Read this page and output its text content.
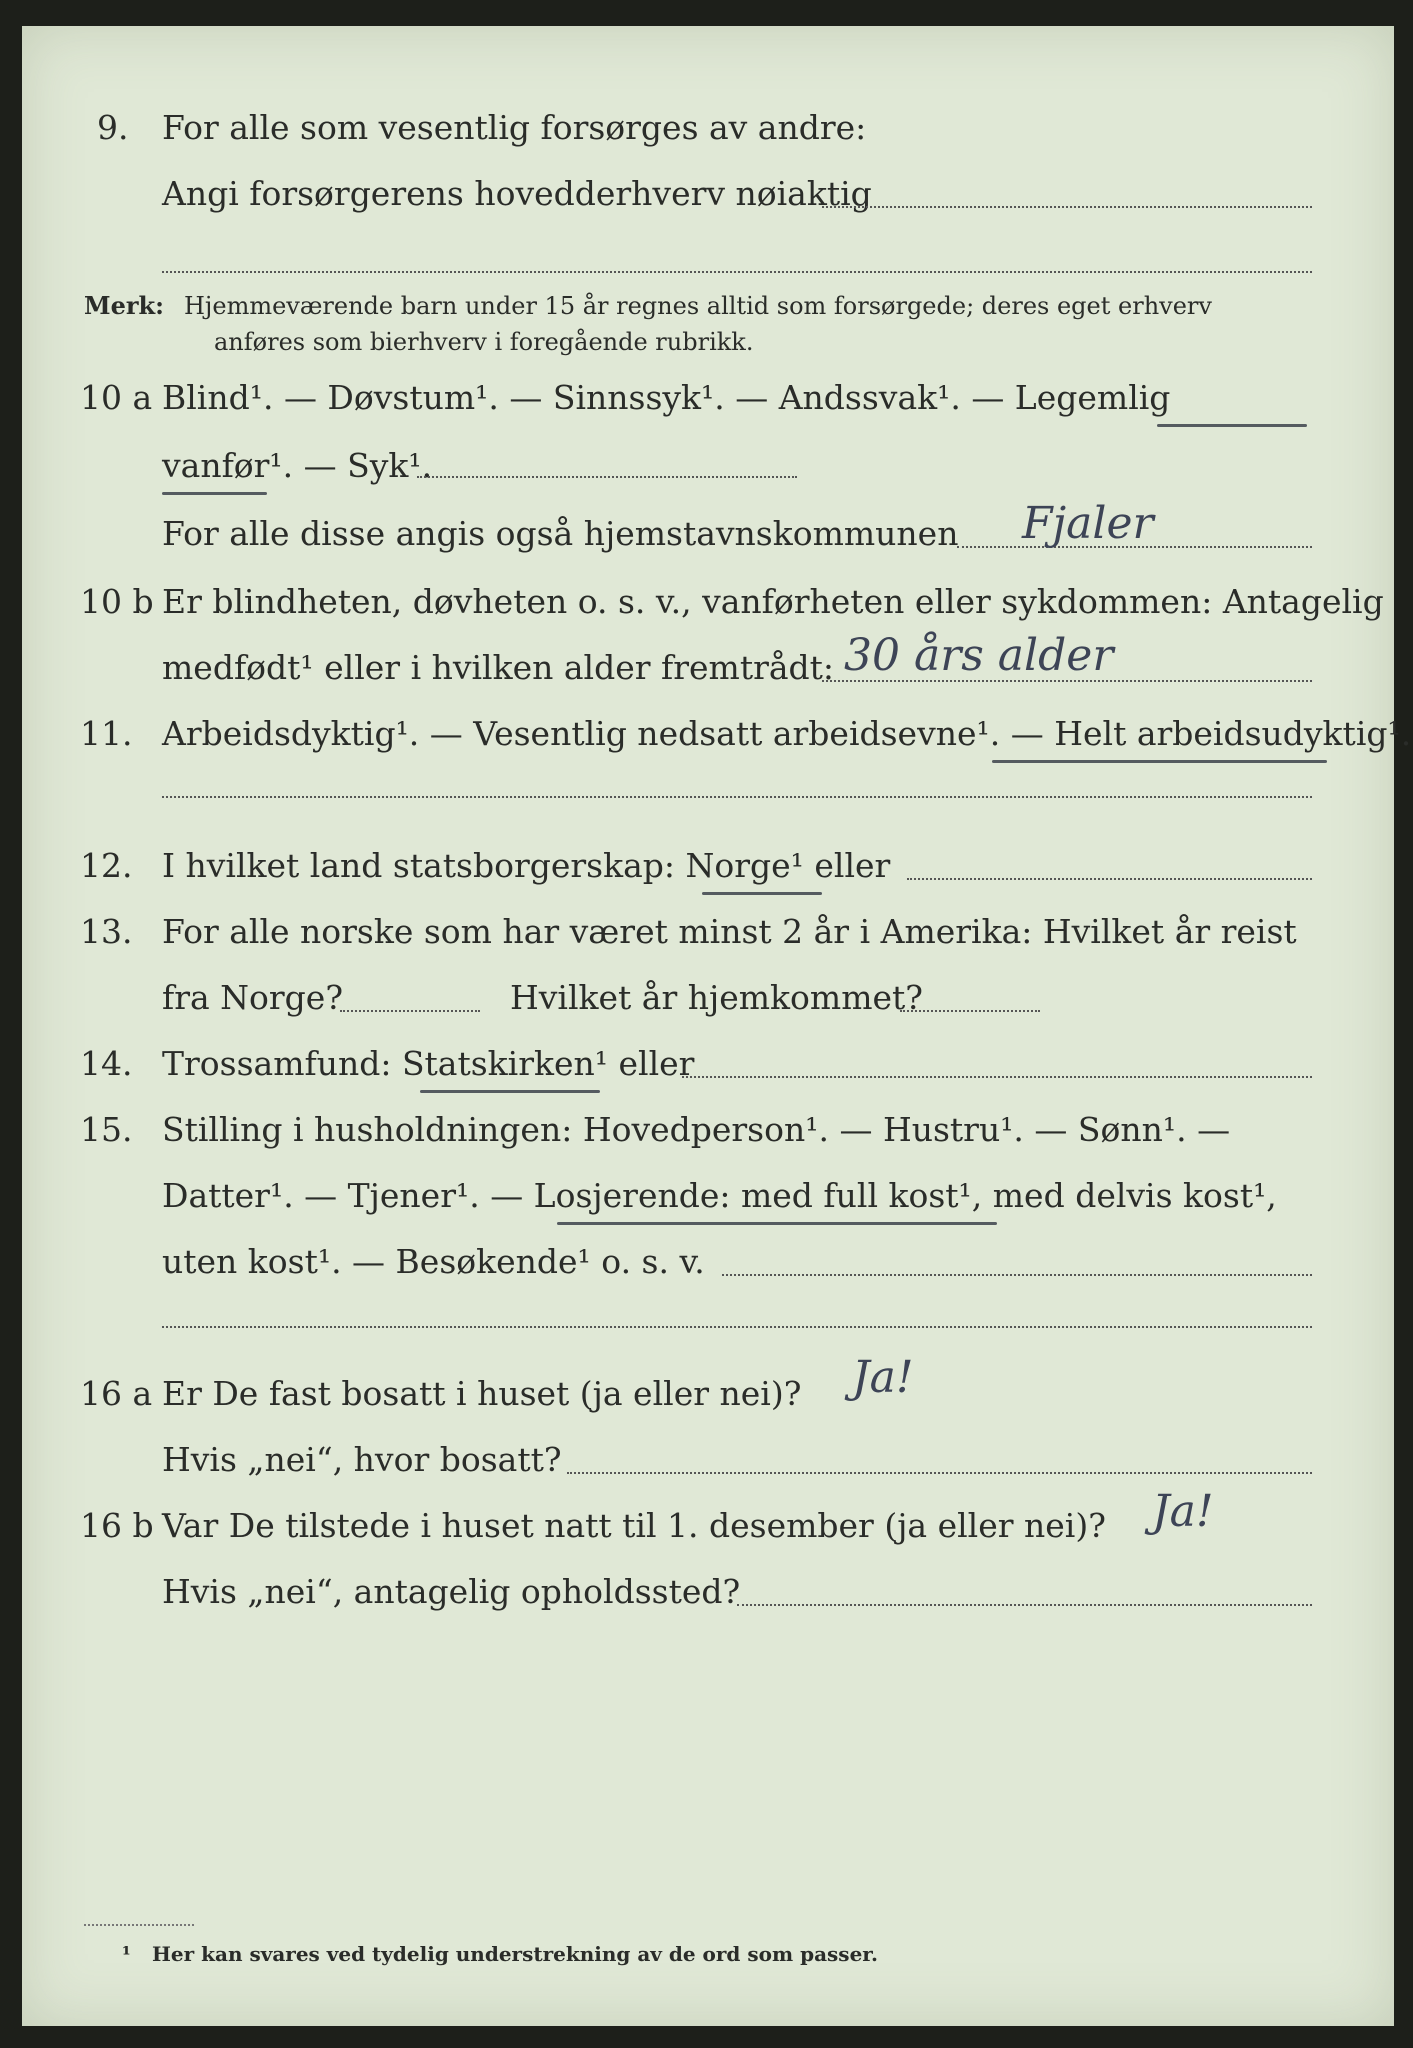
9. For alle som vesentlig forsørges av andre:
Angi forsørgerens hovedderhverv nøiaktig
Merk: Hjemmeværende barn under 15 år regnes alltid som forsørgede; deres eget erhverv
anføres som bierhverv i foregående rubrikk.
10 a Blind¹. — Døvstum¹. — Sinnssyk¹. — Andssvak¹. — Legemlig
vanfør¹. — Syk¹.
For alle disse angis også hjemstavnskommunen Fjaler
10 b Er blindheten, døvheten o. s. v., vanførheten eller sykdommen: Antagelig
medfødt¹ eller i hvilken alder fremtrådt: 30 års alder
11. Arbeidsdyktig¹. — Vesentlig nedsatt arbeidsevne¹. — Helt arbeidsudyktig¹.
12. I hvilket land statsborgerskap: Norge¹ eller
13. For alle norske som har været minst 2 år i Amerika: Hvilket år reist
fra Norge?	Hvilket år hjemkommet?
14. Trossamfund: Statskirken¹ eller
15. Stilling i husholdningen: Hovedperson¹. — Hustru¹. — Sønn¹. —
Datter¹. — Tjener¹. — Losjerende: med full kost¹, med delvis kost¹,
uten kost¹. — Besøkende¹ o. s. v.
16 a Er De fast bosatt i huset (ja eller nei)? Ja!
Hvis „nei“, hvor bosatt?
16 b Var De tilstede i huset natt til 1. desember (ja eller nei)? Ja!
Hvis „nei“, antagelig opholdssted?
¹ Her kan svares ved tydelig understrekning av de ord som passer.
